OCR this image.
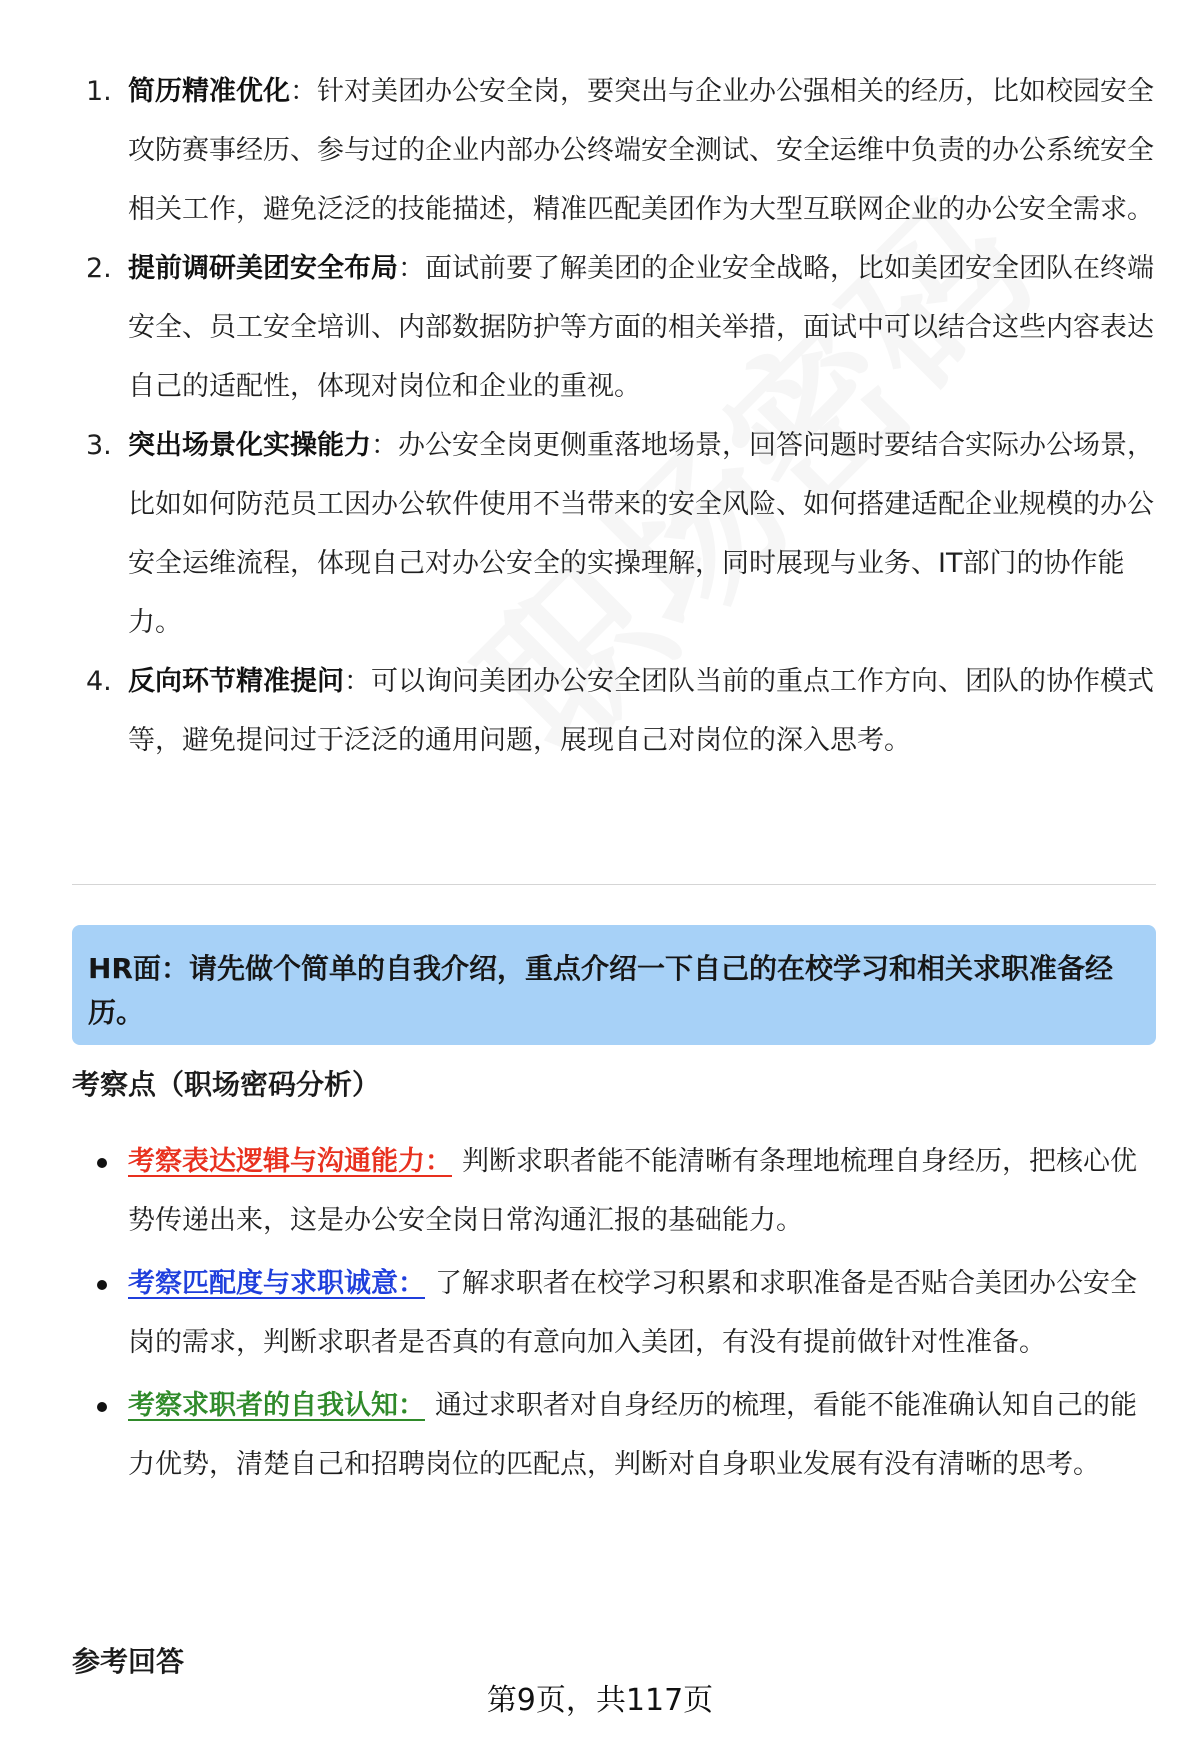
1. 简历精准优化：针对美团办公安全岗，要突出与企业办公强相关的经历，比如校园安全攻防赛事经历、参与过的企业内部办公终端安全测试、安全运维中负责的办公系统安全相关工作，避免泛泛的技能描述，精准匹配美团作为大型互联网企业的办公安全需求。
2. 提前调研美团安全布局：面试前要了解美团的企业安全战略，比如美团安全团队在终端安全、员工安全培训、内部数据防护等方面的相关举措，面试中可以结合这些内容表达自己的适配性，体现对岗位和企业的重视。
3. 突出场景化实操能力：办公安全岗更侧重落地场景，回答问题时要结合实际办公场景，比如如何防范员工因办公软件使用不当带来的安全风险、如何搭建适配企业规模的办公安全运维流程，体现自己对办公安全的实操理解，同时展现与业务、IT部门的协作能力。
4. 反向环节精准提问：可以询问美团办公安全团队当前的重点工作方向、团队的协作模式等，避免提问过于泛泛的通用问题，展现自己对岗位的深入思考。
HR面：请先做个简单的自我介绍，重点介绍一下自己的在校学习和相关求职准备经历。
考察点（职场密码分析）
考察表达逻辑与沟通能力： 判断求职者能不能清晰有条理地梳理自身经历，把核心优势传递出来，这是办公安全岗日常沟通汇报的基础能力。
考察匹配度与求职诚意： 了解求职者在校学习积累和求职准备是否贴合美团办公安全岗的需求，判断求职者是否真的有意向加入美团，有没有提前做针对性准备。
考察求职者的自我认知： 通过求职者对自身经历的梳理，看能不能准确认知自己的能力优势，清楚自己和招聘岗位的匹配点，判断对自身职业发展有没有清晰的思考。
参考回答
第9页，共117页
